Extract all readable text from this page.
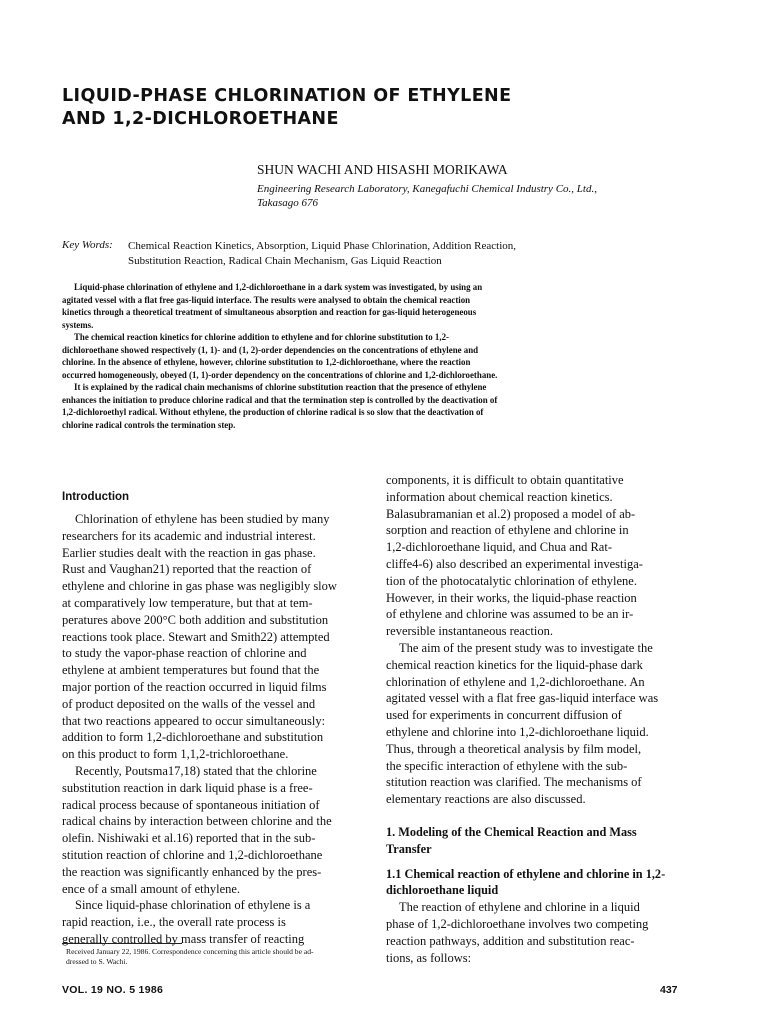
LIQUID-PHASE CHLORINATION OF ETHYLENE
AND 1,2-DICHLOROETHANE
SHUN WACHI AND HISASHI MORIKAWA
Engineering Research Laboratory, Kanegafuchi Chemical Industry Co., Ltd.,
Takasago 676
Key Words: Chemical Reaction Kinetics, Absorption, Liquid Phase Chlorination, Addition Reaction,
Substitution Reaction, Radical Chain Mechanism, Gas Liquid Reaction
Liquid-phase chlorination of ethylene and 1,2-dichloroethane in a dark system was investigated, by using an
agitated vessel with a flat free gas-liquid interface. The results were analysed to obtain the chemical reaction
kinetics through a theoretical treatment of simultaneous absorption and reaction for gas-liquid heterogeneous
systems.
The chemical reaction kinetics for chlorine addition to ethylene and for chlorine substitution to 1,2-
dichloroethane showed respectively (1, 1)- and (1, 2)-order dependencies on the concentrations of ethylene and
chlorine. In the absence of ethylene, however, chlorine substitution to 1,2-dichloroethane, where the reaction
occurred homogeneously, obeyed (1, 1)-order dependency on the concentrations of chlorine and 1,2-dichloroethane.
It is explained by the radical chain mechanisms of chlorine substitution reaction that the presence of ethylene
enhances the initiation to produce chlorine radical and that the termination step is controlled by the deactivation of
1,2-dichloroethyl radical. Without ethylene, the production of chlorine radical is so slow that the deactivation of
chlorine radical controls the termination step.
Introduction
Chlorination of ethylene has been studied by many
researchers for its academic and industrial interest.
Earlier studies dealt with the reaction in gas phase.
Rust and Vaughan21) reported that the reaction of
ethylene and chlorine in gas phase was negligibly slow
at comparatively low temperature, but that at tem-
peratures above 200°C both addition and substitution
reactions took place. Stewart and Smith22) attempted
to study the vapor-phase reaction of chlorine and
ethylene at ambient temperatures but found that the
major portion of the reaction occurred in liquid films
of product deposited on the walls of the vessel and
that two reactions appeared to occur simultaneously:
addition to form 1,2-dichloroethane and substitution
on this product to form 1,1,2-trichloroethane.
Recently, Poutsma17,18) stated that the chlorine
substitution reaction in dark liquid phase is a free-
radical process because of spontaneous initiation of
radical chains by interaction between chlorine and the
olefin. Nishiwaki et al.16) reported that in the sub-
stitution reaction of chlorine and 1,2-dichloroethane
the reaction was significantly enhanced by the pres-
ence of a small amount of ethylene.
Since liquid-phase chlorination of ethylene is a
rapid reaction, i.e., the overall rate process is
generally controlled by mass transfer of reacting
Received January 22, 1986. Correspondence concerning this article should be ad-
dressed to S. Wachi.
components, it is difficult to obtain quantitative
information about chemical reaction kinetics.
Balasubramanian et al.2) proposed a model of ab-
sorption and reaction of ethylene and chlorine in
1,2-dichloroethane liquid, and Chua and Rat-
cliffe4-6) also described an experimental investiga-
tion of the photocatalytic chlorination of ethylene.
However, in their works, the liquid-phase reaction
of ethylene and chlorine was assumed to be an ir-
reversible instantaneous reaction.
The aim of the present study was to investigate the
chemical reaction kinetics for the liquid-phase dark
chlorination of ethylene and 1,2-dichloroethane. An
agitated vessel with a flat free gas-liquid interface was
used for experiments in concurrent diffusion of
ethylene and chlorine into 1,2-dichloroethane liquid.
Thus, through a theoretical analysis by film model,
the specific interaction of ethylene with the sub-
stitution reaction was clarified. The mechanisms of
elementary reactions are also discussed.
1. Modeling of the Chemical Reaction and Mass
Transfer
1.1 Chemical reaction of ethylene and chlorine in 1,2-
dichloroethane liquid
The reaction of ethylene and chlorine in a liquid
phase of 1,2-dichloroethane involves two competing
reaction pathways, addition and substitution reac-
tions, as follows:
VOL. 19 NO. 5 1986	437
